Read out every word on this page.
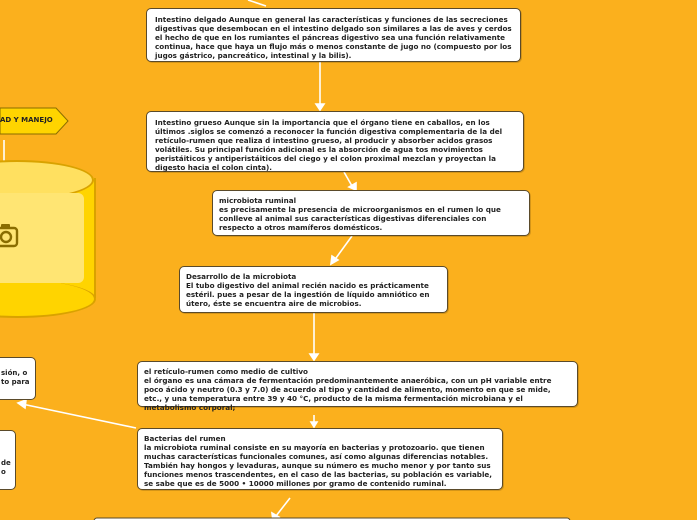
AD Y MANEJO
sión, o
to para
de
o
Intestino delgado Aunque en general las características y funciones de las secreciones digestivas que desembocan en el intestino delgado son similares a las de aves y cerdos el hecho de que en los rumiantes el páncreas digestivo sea una función relativamente continua, hace que haya un flujo más o menos constante de jugo no (compuesto por los jugos gástrico, pancreático, intestinal y la bilis).
Intestino grueso Aunque sin la importancia que el órgano tiene en caballos, en los últimos .siglos se comenzó a reconocer la función digestiva complementaria de la del retículo-rumen que realiza d intestino grueso, al producir y absorber acidos grasos volátiles. Su principal función adicional es la absorción de agua tos movimientos peristáiticos y antiperistáiticos del ciego y el colon proximal mezclan y proyectan la digesto hacia el colon cinta).
microbiota ruminal
es precisamente la presencia de microorganismos en el rumen lo que conlleve al animal sus características digestivas diferenciales con respecto a otros mamíferos domésticos.
Desarrollo de la microbiota
El tubo digestivo del animal recién nacido es prácticamente estéril. pues a pesar de la ingestión de líquido amniótico en útero, éste se encuentra aire de microbios.
el retículo-rumen como medio de cultivo
el órgano es una cámara de fermentación predominantemente anaeróbica, con un pH variable entre poco ácido y neutro (0.3 y 7.0) de acuerdo al tipo y cantidad de alimento, momento en que se mide, etc., y una temperatura entre 39 y 40 °C, producto de la misma fermentación microbiana y el metabolismo corporal;
Bacterias del rumen
la microbiota ruminal consiste en su mayoría en bacterias y protozoario. que tienen muchas características funcionales comunes, así como algunas diferencias notables. También hay hongos y levaduras, aunque su número es mucho menor y por tanto sus funciones menos trascendentes, en el caso de las bacterias, su población es variable, se sabe que es de 5000 • 10000 millones por gramo de contenido ruminal.
